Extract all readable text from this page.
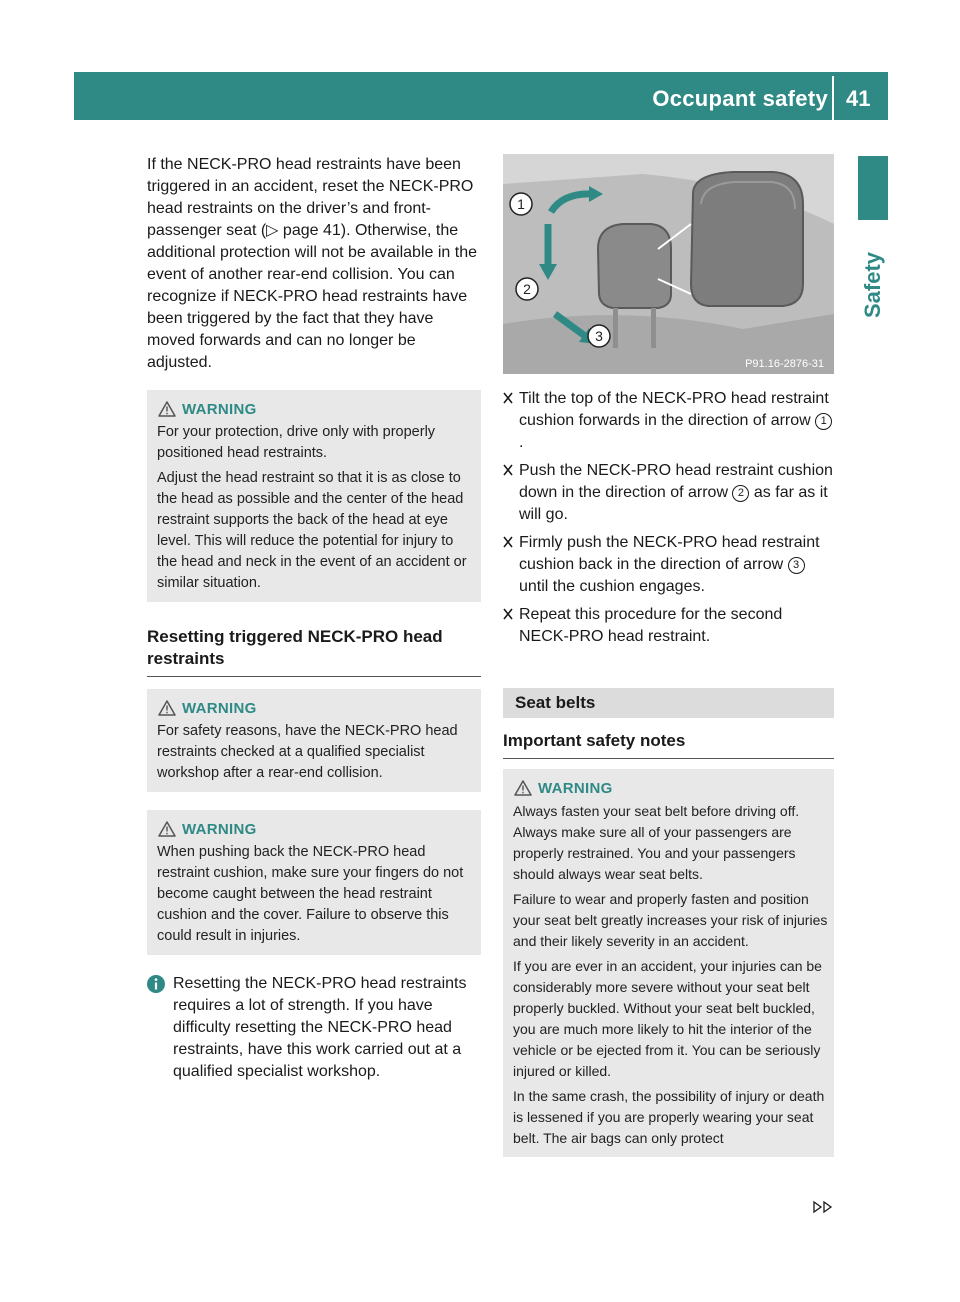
Occupant safety 41
Safety

If the NECK-PRO head restraints have been triggered in an accident, reset the NECK-PRO head restraints on the driver’s and front-passenger seat (▷ page 41). Otherwise, the additional protection will not be available in the event of another rear-end collision. You can recognize if NECK-PRO head restraints have been triggered by the fact that they have moved forwards and can no longer be adjusted.

WARNING

For your protection, drive only with properly positioned head restraints.

Adjust the head restraint so that it is as close to the head as possible and the center of the head restraint supports the back of the head at eye level. This will reduce the potential for injury to the head and neck in the event of an accident or similar situation.

Resetting triggered NECK-PRO head restraints
WARNING

For safety reasons, have the NECK-PRO head restraints checked at a qualified specialist workshop after a rear-end collision.

WARNING

When pushing back the NECK-PRO head restraint cushion, make sure your fingers do not become caught between the head restraint cushion and the cover. Failure to observe this could result in injuries.

Resetting the NECK-PRO head restraints requires a lot of strength. If you have difficulty resetting the NECK-PRO head restraints, have this work carried out at a qualified specialist workshop.

1
2
3
P91.16-2876-31
Tilt the top of the NECK-PRO head restraint cushion forwards in the direction of arrow 1.
Push the NECK-PRO head restraint cushion down in the direction of arrow 2 as far as it will go.
Firmly push the NECK-PRO head restraint cushion back in the direction of arrow 3 until the cushion engages.
Repeat this procedure for the second NECK-PRO head restraint.
Seat belts
Important safety notes
WARNING

Always fasten your seat belt before driving off. Always make sure all of your passengers are properly restrained. You and your passengers should always wear seat belts.

Failure to wear and properly fasten and position your seat belt greatly increases your risk of injuries and their likely severity in an accident.

If you are ever in an accident, your injuries can be considerably more severe without your seat belt properly buckled. Without your seat belt buckled, you are much more likely to hit the interior of the vehicle or be ejected from it. You can be seriously injured or killed.

In the same crash, the possibility of injury or death is lessened if you are properly wearing your seat belt. The air bags can only protect
